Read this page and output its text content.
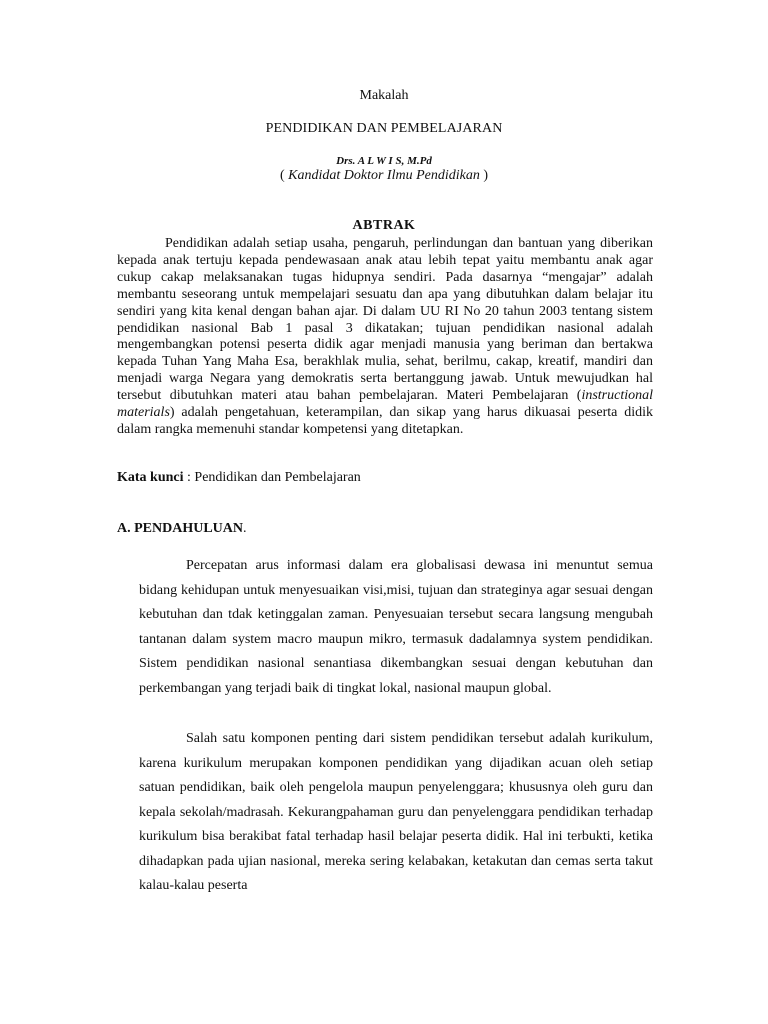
Makalah
PENDIDIKAN DAN PEMBELAJARAN
Drs. A L W I S, M.Pd
( Kandidat Doktor Ilmu Pendidikan )
ABTRAK

Pendidikan adalah setiap usaha, pengaruh, perlindungan dan bantuan yang diberikan kepada anak tertuju kepada pendewasaan anak atau lebih tepat yaitu membantu anak agar cukup cakap melaksanakan tugas hidupnya sendiri. Pada dasarnya “mengajar” adalah membantu seseorang untuk mempelajari sesuatu dan apa yang dibutuhkan dalam belajar itu sendiri yang kita kenal dengan bahan ajar. Di dalam UU RI No 20 tahun 2003 tentang sistem pendidikan nasional Bab 1 pasal 3 dikatakan; tujuan pendidikan nasional adalah mengembangkan potensi peserta didik agar menjadi manusia yang beriman dan bertakwa kepada Tuhan Yang Maha Esa, berakhlak mulia, sehat, berilmu, cakap, kreatif, mandiri dan menjadi warga Negara yang demokratis serta bertanggung jawab. Untuk mewujudkan hal tersebut dibutuhkan materi atau bahan pembelajaran. Materi Pembelajaran (instructional materials) adalah pengetahuan, keterampilan, dan sikap yang harus dikuasai peserta didik dalam rangka memenuhi standar kompetensi yang ditetapkan.

Kata kunci : Pendidikan dan Pembelajaran

A. PENDAHULUAN.

Percepatan arus informasi dalam era globalisasi dewasa ini menuntut semua bidang kehidupan untuk menyesuaikan visi,misi, tujuan dan strateginya agar sesuai dengan kebutuhan dan tdak ketinggalan zaman. Penyesuaian tersebut secara langsung mengubah tantanan dalam system macro maupun mikro, termasuk dadalamnya system pendidikan. Sistem pendidikan nasional senantiasa dikembangkan sesuai dengan kebutuhan dan perkembangan yang terjadi baik di tingkat lokal, nasional maupun global.

Salah satu komponen penting dari sistem pendidikan tersebut adalah kurikulum, karena kurikulum merupakan komponen pendidikan yang dijadikan acuan oleh setiap satuan pendidikan, baik oleh pengelola maupun penyelenggara; khususnya oleh guru dan kepala sekolah/madrasah. Kekurangpahaman guru dan penyelenggara pendidikan terhadap kurikulum bisa berakibat fatal terhadap hasil belajar peserta didik. Hal ini terbukti, ketika dihadapkan pada ujian nasional, mereka sering kelabakan, ketakutan dan cemas serta takut kalau-kalau peserta
